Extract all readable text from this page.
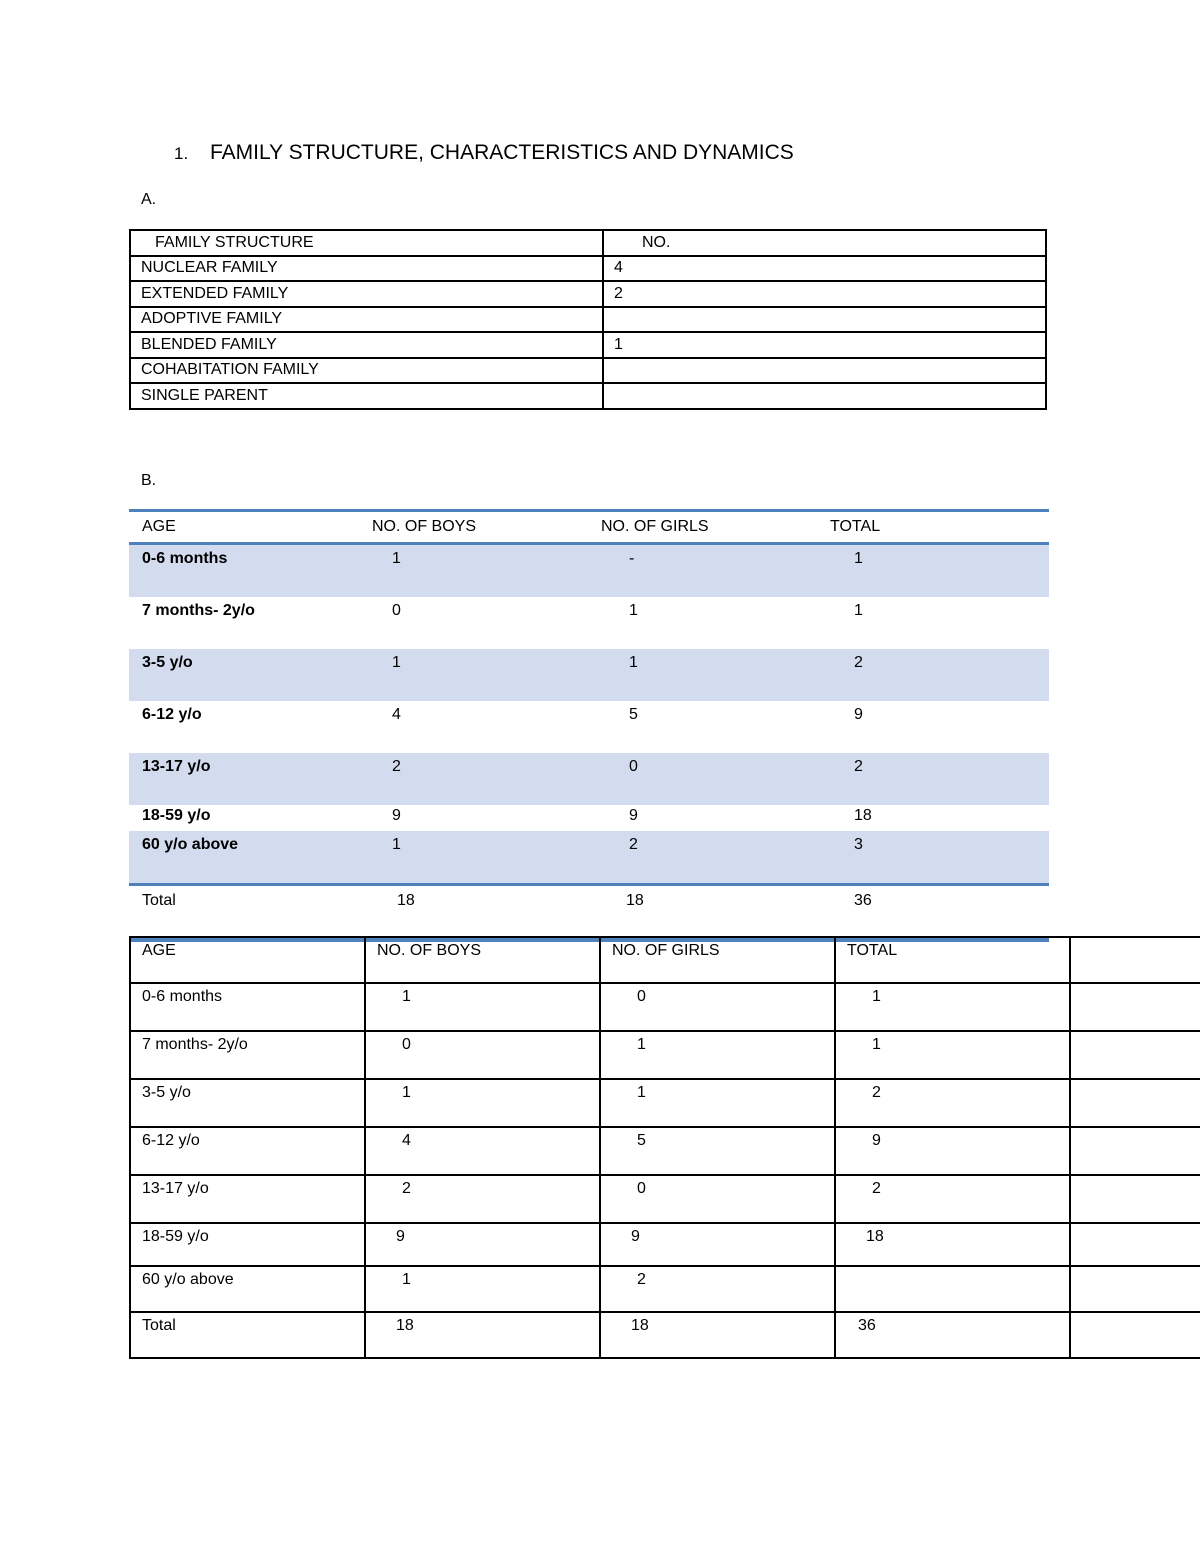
1.	FAMILY STRUCTURE, CHARACTERISTICS AND DYNAMICS
A.
FAMILY STRUCTURE	NO.
NUCLEAR FAMILY	4
EXTENDED FAMILY	2
ADOPTIVE FAMILY	
BLENDED FAMILY	1
COHABITATION FAMILY	
SINGLE PARENT	
B.
AGE	NO. OF BOYS	NO. OF GIRLS	TOTAL
0-6 months	1	-	1
7 months- 2y/o	0	1	1
3-5 y/o	1	1	2
6-12 y/o	4	5	9
13-17 y/o	2	0	2
18-59 y/o	9	9	18
60 y/o above	1	2	3
Total	18	18	36
AGE	NO. OF BOYS	NO. OF GIRLS	TOTAL	
0-6 months	1	0	1	
7 months- 2y/o	0	1	1	
3-5 y/o	1	1	2	
6-12 y/o	4	5	9	
13-17 y/o	2	0	2	
18-59 y/o	9	9	18	
60 y/o above	1	2		
Total	18	18	36	
